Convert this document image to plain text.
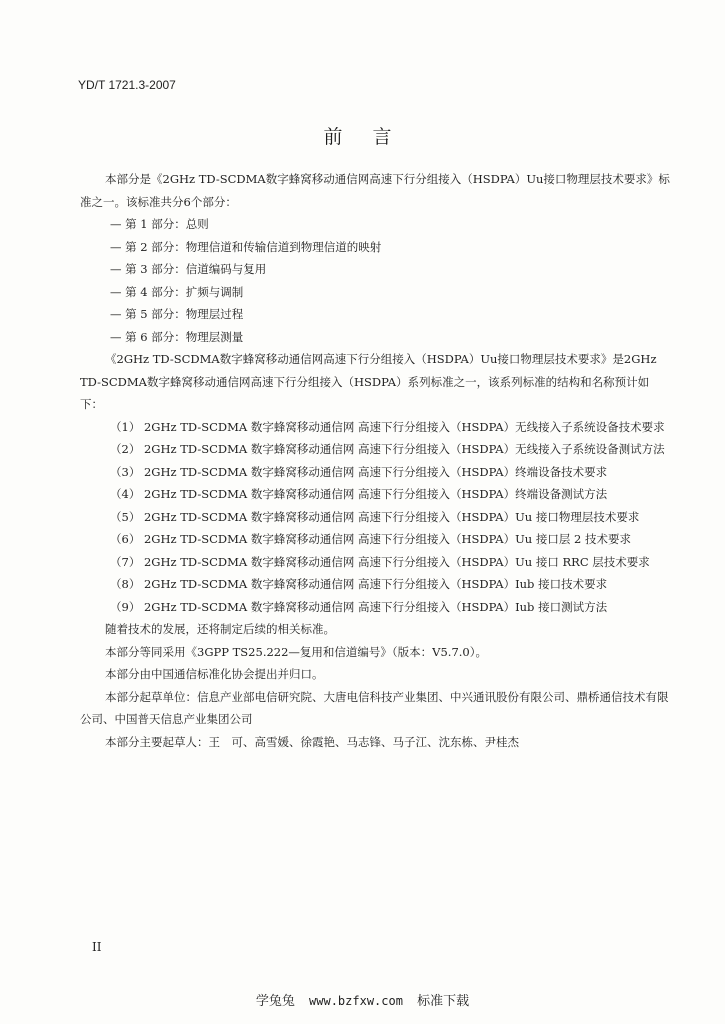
YD/T 1721.3-2007
前言

本部分是《2GHz TD-SCDMA数字蜂窝移动通信网高速下行分组接入（HSDPA）Uu接口物理层技术要求》标准之一。该标准共分6个部分：

— 第 1 部分：总则

— 第 2 部分：物理信道和传输信道到物理信道的映射

— 第 3 部分：信道编码与复用

— 第 4 部分：扩频与调制

— 第 5 部分：物理层过程

— 第 6 部分：物理层测量

《2GHz TD-SCDMA数字蜂窝移动通信网高速下行分组接入（HSDPA）Uu接口物理层技术要求》是2GHz TD-SCDMA数字蜂窝移动通信网高速下行分组接入（HSDPA）系列标准之一，该系列标准的结构和名称预计如下：

（1） 2GHz TD-SCDMA 数字蜂窝移动通信网 高速下行分组接入（HSDPA）无线接入子系统设备技术要求

（2） 2GHz TD-SCDMA 数字蜂窝移动通信网 高速下行分组接入（HSDPA）无线接入子系统设备测试方法

（3） 2GHz TD-SCDMA 数字蜂窝移动通信网 高速下行分组接入（HSDPA）终端设备技术要求

（4） 2GHz TD-SCDMA 数字蜂窝移动通信网 高速下行分组接入（HSDPA）终端设备测试方法

（5） 2GHz TD-SCDMA 数字蜂窝移动通信网 高速下行分组接入（HSDPA）Uu 接口物理层技术要求

（6） 2GHz TD-SCDMA 数字蜂窝移动通信网 高速下行分组接入（HSDPA）Uu 接口层 2 技术要求

（7） 2GHz TD-SCDMA 数字蜂窝移动通信网 高速下行分组接入（HSDPA）Uu 接口 RRC 层技术要求

（8） 2GHz TD-SCDMA 数字蜂窝移动通信网 高速下行分组接入（HSDPA）Iub 接口技术要求

（9） 2GHz TD-SCDMA 数字蜂窝移动通信网 高速下行分组接入（HSDPA）Iub 接口测试方法

随着技术的发展，还将制定后续的相关标准。

本部分等同采用《3GPP TS25.222—复用和信道编号》（版本：V5.7.0）。

本部分由中国通信标准化协会提出并归口。

本部分起草单位：信息产业部电信研究院、大唐电信科技产业集团、中兴通讯股份有限公司、鼎桥通信技术有限公司、中国普天信息产业集团公司

本部分主要起草人：王　可、高雪媛、徐霞艳、马志锋、马子江、沈东栋、尹桂杰

II
学兔兔 www.bzfxw.com 标准下载
